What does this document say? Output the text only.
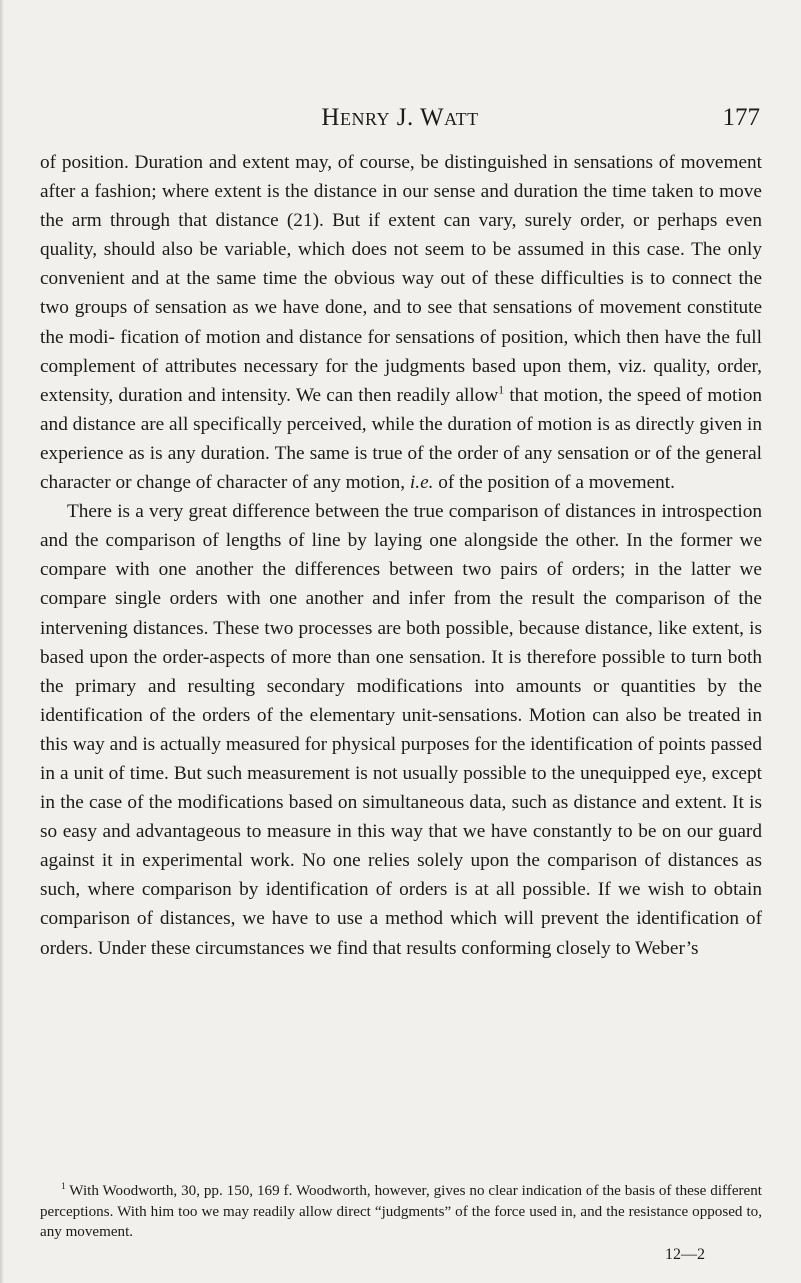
Henry J. Watt	177

of position. Duration and extent may, of course, be distinguished in sensations of movement after a fashion; where extent is the distance in our sense and duration the time taken to move the arm through that distance (21). But if extent can vary, surely order, or perhaps even quality, should also be variable, which does not seem to be assumed in this case. The only convenient and at the same time the obvious way out of these difficulties is to connect the two groups of sensation as we have done, and to see that sensations of movement constitute the modi- fication of motion and distance for sensations of position, which then have the full complement of attributes necessary for the judgments based upon them, viz. quality, order, extensity, duration and intensity. We can then readily allow$^1$ that motion, the speed of motion and distance are all specifically perceived, while the duration of motion is as directly given in experience as is any duration. The same is true of the order of any sensation or of the general character or change of character of any motion, i.e. of the position of a movement.

There is a very great difference between the true comparison of distances in introspection and the comparison of lengths of line by laying one alongside the other. In the former we compare with one another the differences between two pairs of orders; in the latter we compare single orders with one another and infer from the result the comparison of the intervening distances. These two processes are both possible, because distance, like extent, is based upon the order-aspects of more than one sensation. It is therefore possible to turn both the primary and resulting secondary modifications into amounts or quantities by the identification of the orders of the elementary unit-sensations. Motion can also be treated in this way and is actually measured for physical purposes for the identification of points passed in a unit of time. But such measurement is not usually possible to the unequipped eye, except in the case of the modifications based on simultaneous data, such as distance and extent. It is so easy and advantageous to measure in this way that we have constantly to be on our guard against it in experimental work. No one relies solely upon the comparison of distances as such, where comparison by identification of orders is at all possible. If we wish to obtain comparison of distances, we have to use a method which will prevent the identification of orders. Under these circumstances we find that results conforming closely to Weber’s

$^1$ With Woodworth, 30, pp. 150, 169 f. Woodworth, however, gives no clear indication of the basis of these different perceptions. With him too we may readily allow direct “judgments” of the force used in, and the resistance opposed to, any movement.

12—2
